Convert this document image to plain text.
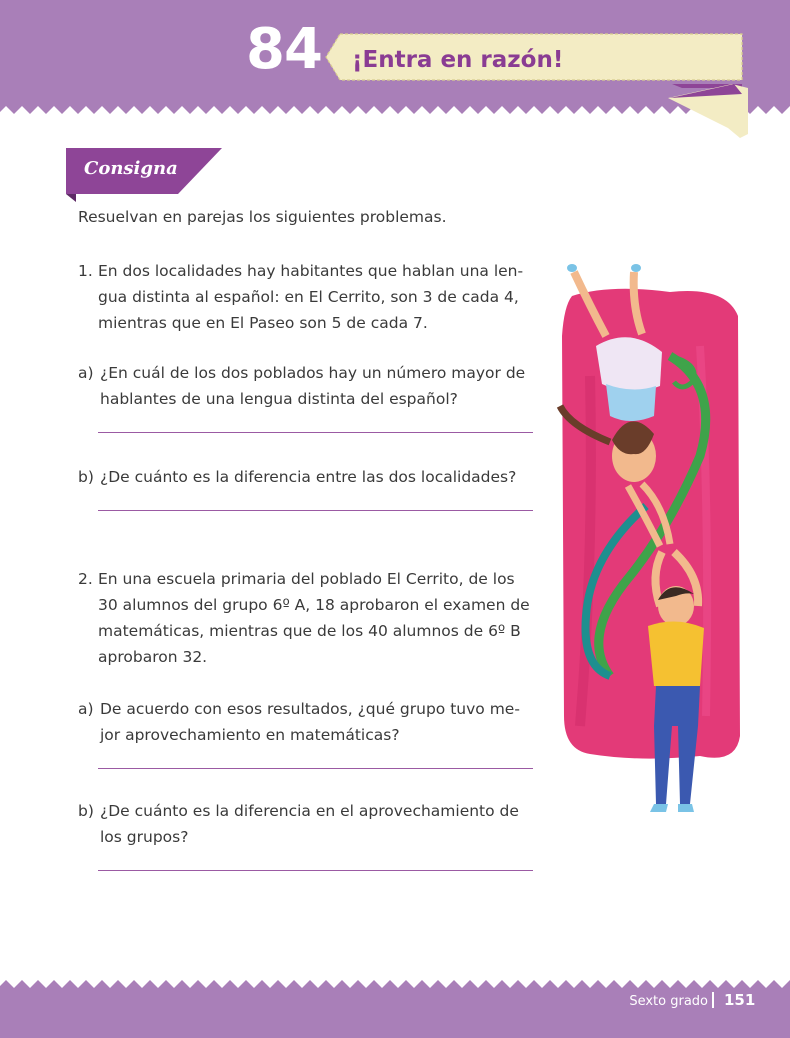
84 ¡Entra en razón!
Consigna

Resuelvan en parejas los siguientes problemas.

1. En dos localidades hay habitantes que hablan una len-

gua distinta al español: en El Cerrito, son 3 de cada 4,

mientras que en El Paseo son 5 de cada 7.

a) ¿En cuál de los dos poblados hay un número mayor de

hablantes de una lengua distinta del español?

b) ¿De cuánto es la diferencia entre las dos localidades?

2. En una escuela primaria del poblado El Cerrito, de los

30 alumnos del grupo 6º A, 18 aprobaron el examen de

matemáticas, mientras que de los 40 alumnos de 6º B

aprobaron 32.

a) De acuerdo con esos resultados, ¿qué grupo tuvo me-

jor aprovechamiento en matemáticas?

b) ¿De cuánto es la diferencia en el aprovechamiento de

los grupos?

Sexto grado 151
